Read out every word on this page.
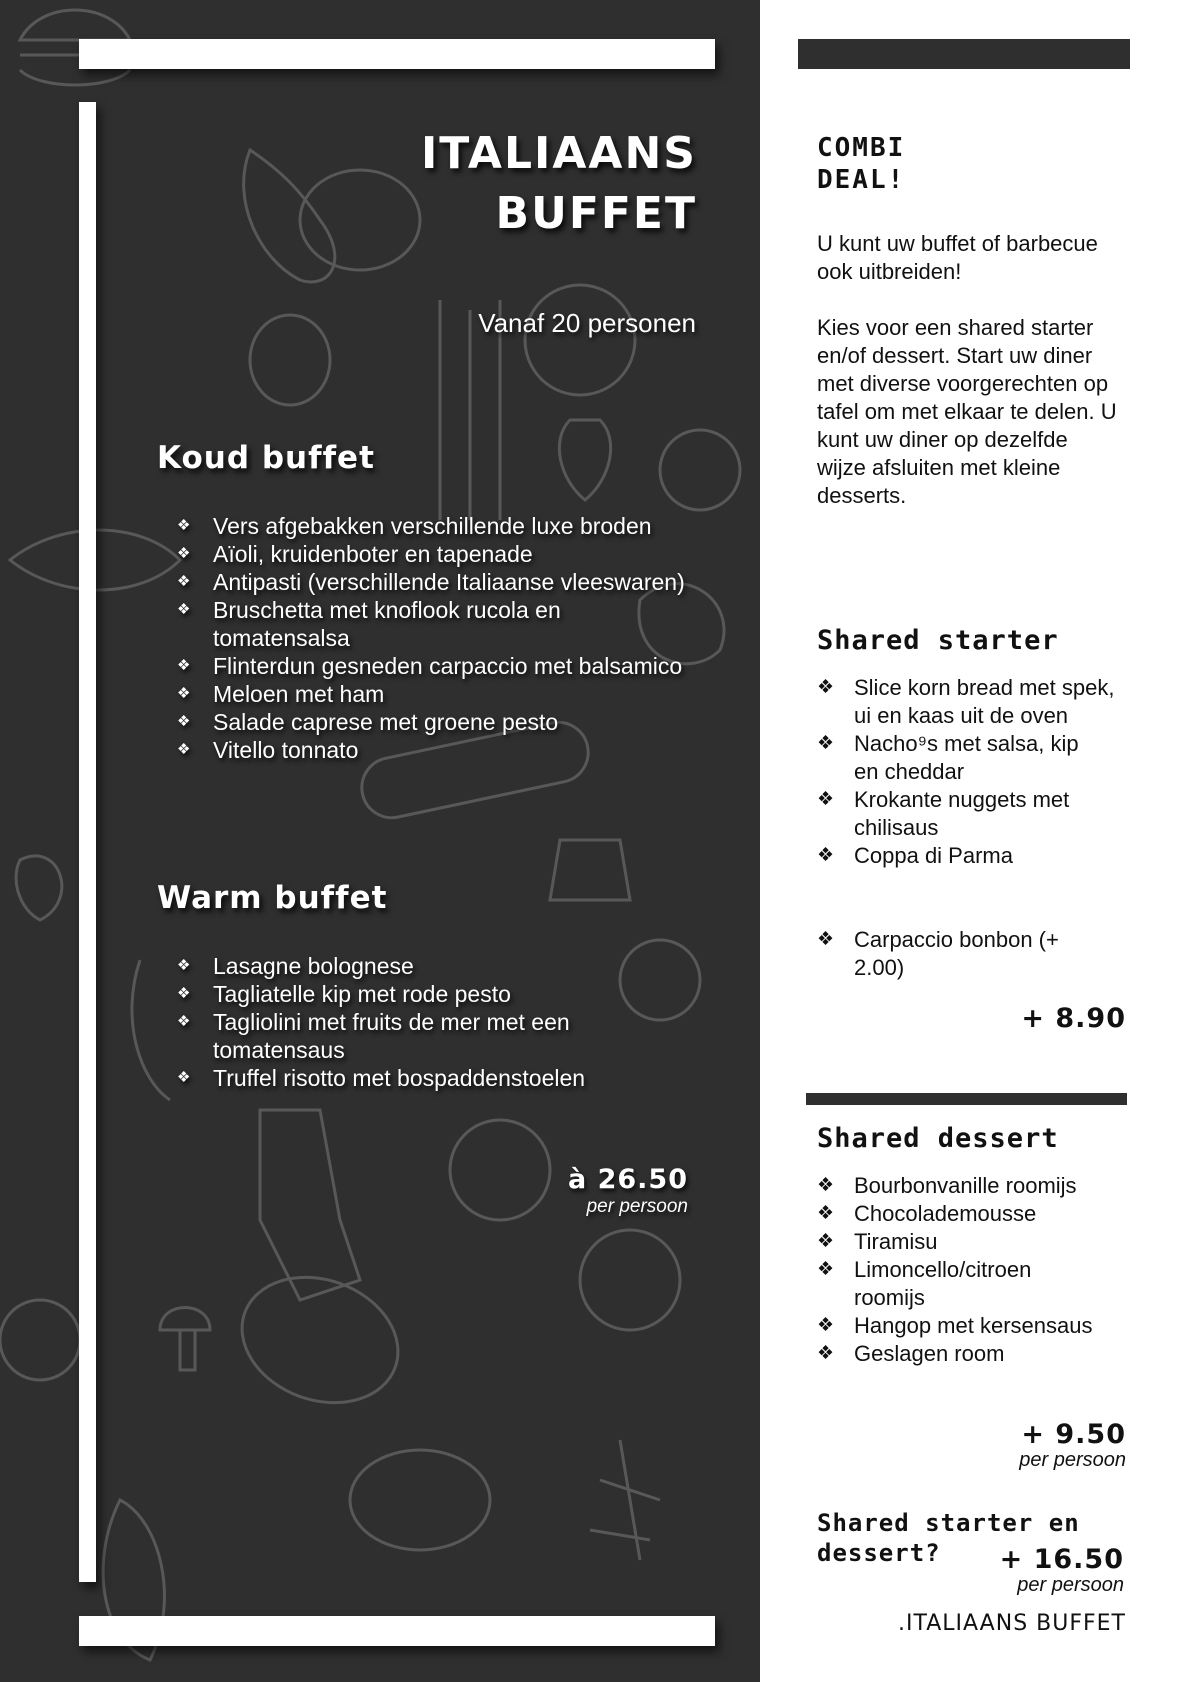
ITALIAANS
BUFFET
Vanaf 20 personen
Koud buffet
❖ Vers afgebakken verschillende luxe broden
❖ Aïoli, kruidenboter en tapenade
❖ Antipasti (verschillende Italiaanse vleeswaren)
❖ Bruschetta met knoflook rucola en tomatensalsa
❖ Flinterdun gesneden carpaccio met balsamico
❖ Meloen met ham
❖ Salade caprese met groene pesto
❖ Vitello tonnato
Warm buffet
❖ Lasagne bolognese
❖ Tagliatelle kip met rode pesto
❖ Tagliolini met fruits de mer met een tomatensaus
❖ Truffel risotto met bospaddenstoelen
à 26.50
per persoon
COMBI
DEAL!

U kunt uw buffet of barbecue ook uitbreiden!

Kies voor een shared starter en/of dessert. Start uw diner met diverse voorgerechten op tafel om met elkaar te delen. U kunt uw diner op dezelfde wijze afsluiten met kleine desserts.

Shared starter
❖ Slice korn bread met spek, ui en kaas uit de oven
❖ Nacho⁹s met salsa, kip en cheddar
❖ Krokante nuggets met chilisaus
❖ Coppa di Parma
❖ Carpaccio bonbon (+ 2.00)
+ 8.90
Shared dessert
❖ Bourbonvanille roomijs
❖ Chocolademousse
❖ Tiramisu
❖ Limoncello/citroen roomijs
❖ Hangop met kersensaus
❖ Geslagen room
+ 9.50
per persoon
Shared starter en dessert?	+ 16.50
per persoon
.ITALIAANS BUFFET
